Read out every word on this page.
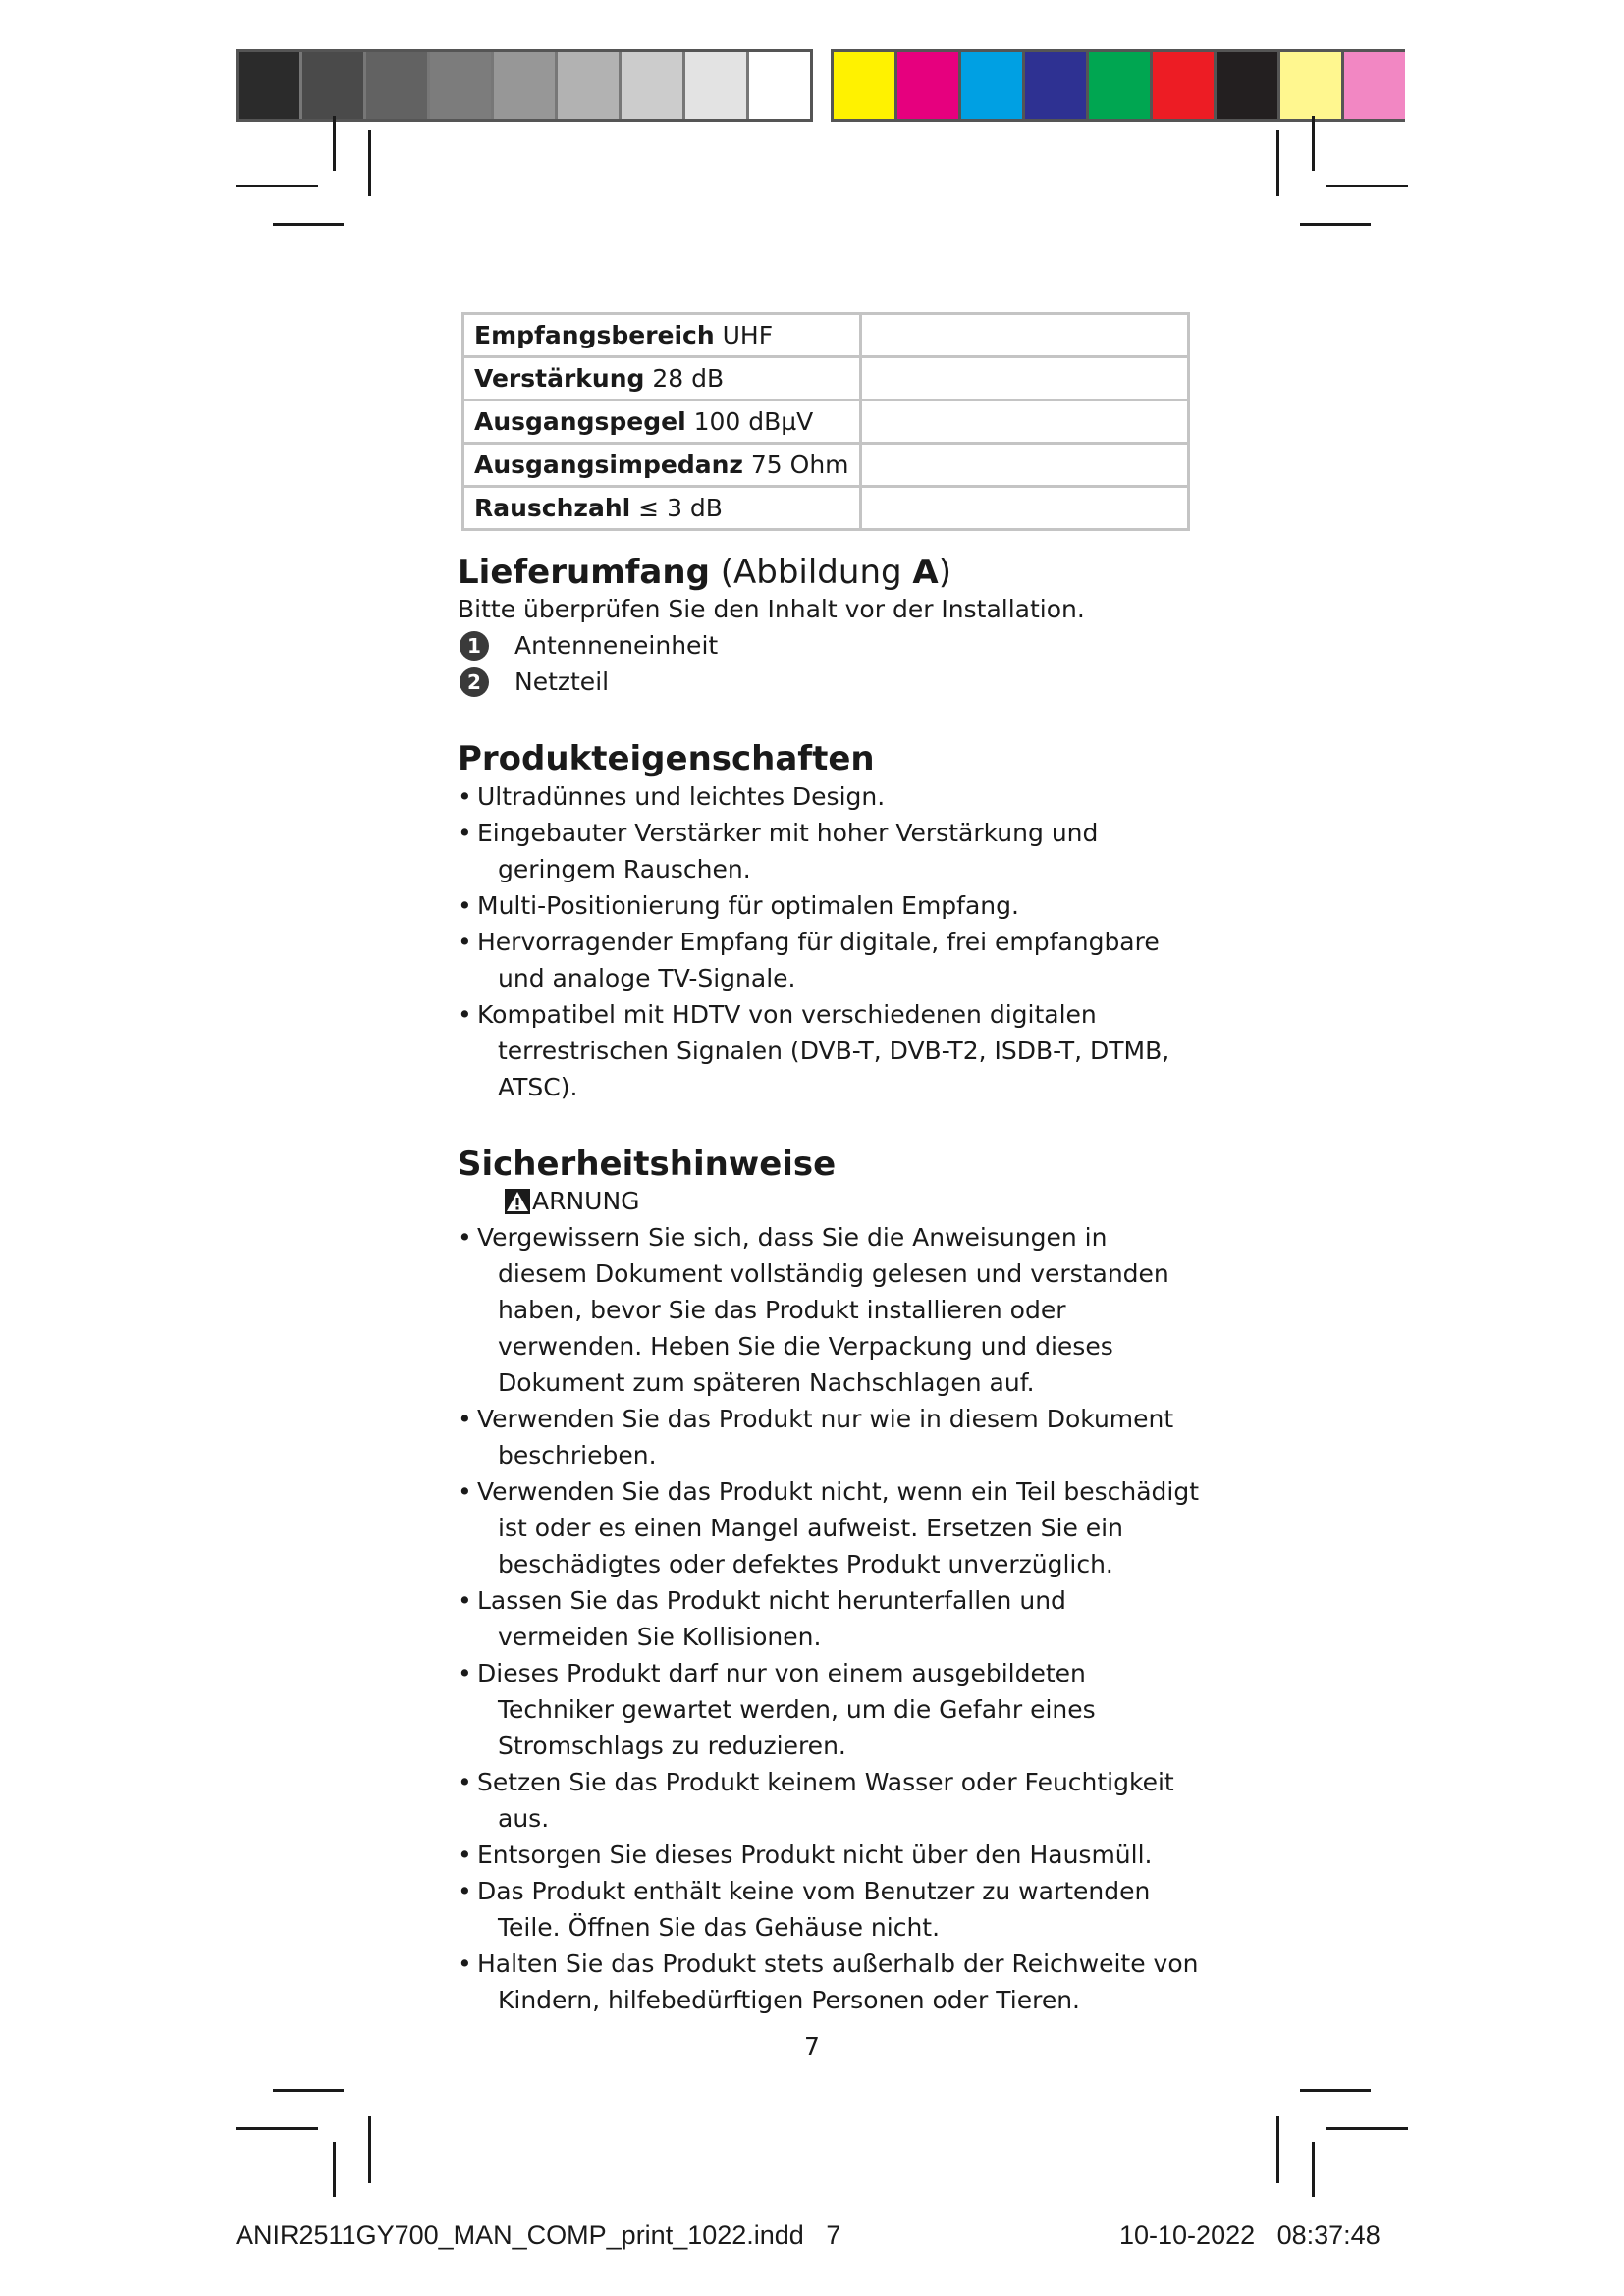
Empfangsbereich UHF	
Verstärkung 28 dB	
Ausgangspegel 100 dBµV	
Ausgangsimpedanz 75 Ohm	
Rauschzahl ≤ 3 dB	
Lieferumfang (Abbildung A)

Bitte überprüfen Sie den Inhalt vor der Installation.

1	Antenneneinheit
2	Netzteil
Produkteigenschaften
• Ultradünnes und leichtes Design.
• Eingebauter Verstärker mit hoher Verstärkung und geringem Rauschen.
• Multi-Positionierung für optimalen Empfang.
• Hervorragender Empfang für digitale, frei empfangbare und analoge TV-Signale.
• Kompatibel mit HDTV von verschiedenen digitalen terrestrischen Signalen (DVB-T, DVB-T2, ISDB-T, DTMB, ATSC).
Sicherheitshinweise
ARNUNG
• Vergewissern Sie sich, dass Sie die Anweisungen in diesem Dokument vollständig gelesen und verstanden haben, bevor Sie das Produkt installieren oder verwenden. Heben Sie die Verpackung und dieses Dokument zum späteren Nachschlagen auf.
• Verwenden Sie das Produkt nur wie in diesem Dokument beschrieben.
• Verwenden Sie das Produkt nicht, wenn ein Teil beschädigt ist oder es einen Mangel aufweist. Ersetzen Sie ein beschädigtes oder defektes Produkt unverzüglich.
• Lassen Sie das Produkt nicht herunterfallen und vermeiden Sie Kollisionen.
• Dieses Produkt darf nur von einem ausgebildeten Techniker gewartet werden, um die Gefahr eines Stromschlags zu reduzieren.
• Setzen Sie das Produkt keinem Wasser oder Feuchtigkeit aus.
• Entsorgen Sie dieses Produkt nicht über den Hausmüll.
• Das Produkt enthält keine vom Benutzer zu wartenden Teile. Öffnen Sie das Gehäuse nicht.
• Halten Sie das Produkt stets außerhalb der Reichweite von Kindern, hilfebedürftigen Personen oder Tieren.
7
ANIR2511GY700_MAN_COMP_print_1022.indd   7	10-10-2022   08:37:48
